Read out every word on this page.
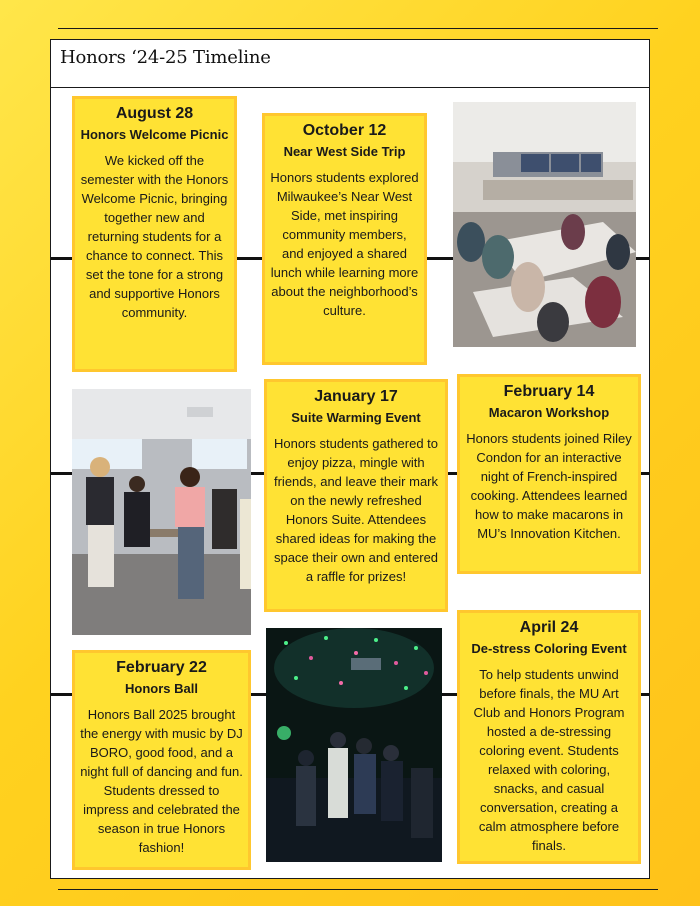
Honors ‘24-25 Timeline
August 28
Honors Welcome Picnic
We kicked off the semester with the Honors Welcome Picnic, bringing together new and returning students for a chance to connect. This set the tone for a strong and supportive Honors community.
October 12
Near West Side Trip
Honors students explored Milwaukee’s Near West Side, met inspiring community members, and enjoyed a shared lunch while learning more about the neighborhood’s culture.
January 17
Suite Warming Event
Honors students gathered to enjoy pizza, mingle with friends, and leave their mark on the newly refreshed Honors Suite. Attendees shared ideas for making the space their own and entered a raffle for prizes!
February 14
Macaron Workshop
Honors students joined Riley Condon for an interactive night of French-inspired cooking. Attendees learned how to make macarons in MU’s Innovation Kitchen.
February 22
Honors Ball
Honors Ball 2025 brought the energy with music by DJ BORO, good food, and a night full of dancing and fun. Students dressed to impress and celebrated the season in true Honors fashion!
April 24
De-stress Coloring Event
To help students unwind before finals, the MU Art Club and Honors Program hosted a de-stressing coloring event. Students relaxed with coloring, snacks, and casual conversation, creating a calm atmosphere before finals.
